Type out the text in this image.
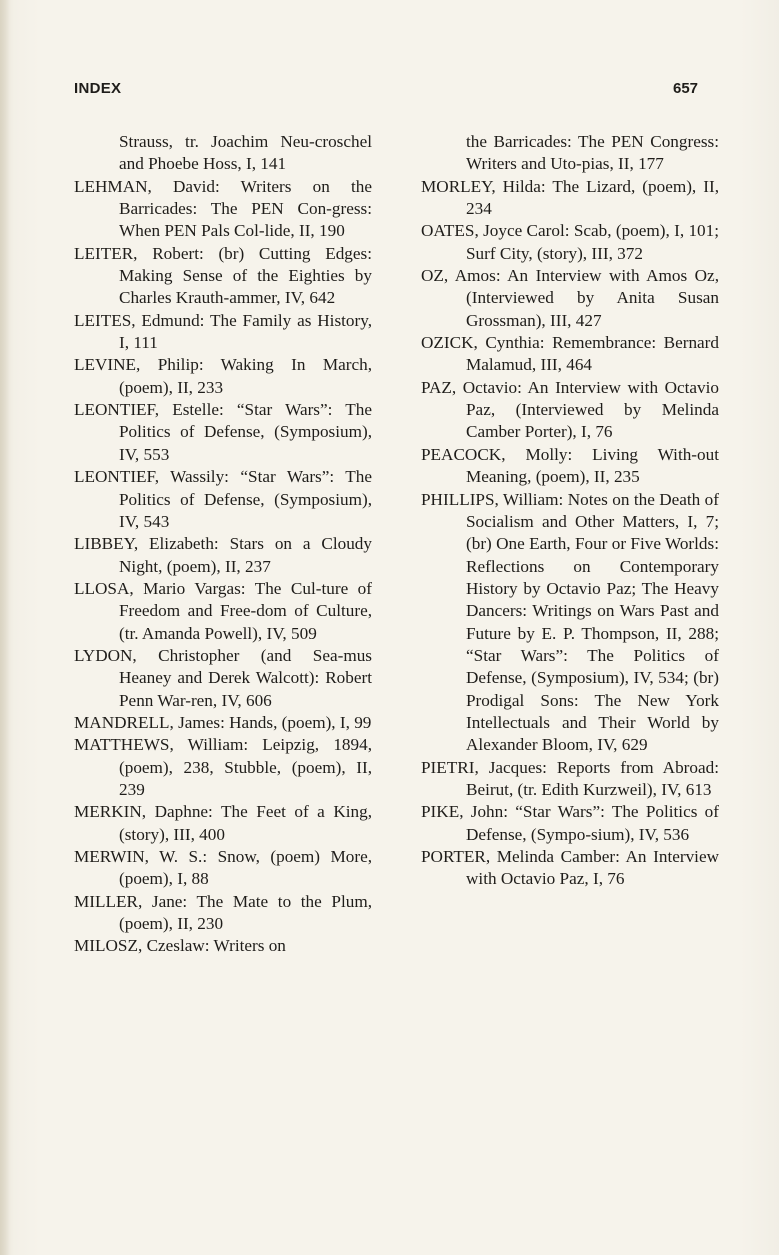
INDEX	657

Strauss, tr. Joachim Neu-croschel and Phoebe Hoss, I, 141

LEHMAN, David: Writers on the Barricades: The PEN Con-gress: When PEN Pals Col-lide, II, 190

LEITER, Robert: (br) Cutting Edges: Making Sense of the Eighties by Charles Krauth-ammer, IV, 642

LEITES, Edmund: The Family as History, I, 111

LEVINE, Philip: Waking In March, (poem), II, 233

LEONTIEF, Estelle: “Star Wars”: The Politics of Defense, (Symposium), IV, 553

LEONTIEF, Wassily: “Star Wars”: The Politics of Defense, (Symposium), IV, 543

LIBBEY, Elizabeth: Stars on a Cloudy Night, (poem), II, 237

LLOSA, Mario Vargas: The Cul-ture of Freedom and Free-dom of Culture, (tr. Amanda Powell), IV, 509

LYDON, Christopher (and Sea-mus Heaney and Derek Walcott): Robert Penn War-ren, IV, 606

MANDRELL, James: Hands, (poem), I, 99

MATTHEWS, William: Leipzig, 1894, (poem), 238, Stubble, (poem), II, 239

MERKIN, Daphne: The Feet of a King, (story), III, 400

MERWIN, W. S.: Snow, (poem) More, (poem), I, 88

MILLER, Jane: The Mate to the Plum, (poem), II, 230

MILOSZ, Czeslaw: Writers on

the Barricades: The PEN Congress: Writers and Uto-pias, II, 177

MORLEY, Hilda: The Lizard, (poem), II, 234

OATES, Joyce Carol: Scab, (poem), I, 101; Surf City, (story), III, 372

OZ, Amos: An Interview with Amos Oz, (Interviewed by Anita Susan Grossman), III, 427

OZICK, Cynthia: Remembrance: Bernard Malamud, III, 464

PAZ, Octavio: An Interview with Octavio Paz, (Interviewed by Melinda Camber Porter), I, 76

PEACOCK, Molly: Living With-out Meaning, (poem), II, 235

PHILLIPS, William: Notes on the Death of Socialism and Other Matters, I, 7; (br) One Earth, Four or Five Worlds: Reflections on Contemporary History by Octavio Paz; The Heavy Dancers: Writings on Wars Past and Future by E. P. Thompson, II, 288; “Star Wars”: The Politics of Defense, (Symposium), IV, 534; (br) Prodigal Sons: The New York Intellectuals and Their World by Alexander Bloom, IV, 629

PIETRI, Jacques: Reports from Abroad: Beirut, (tr. Edith Kurzweil), IV, 613

PIKE, John: “Star Wars”: The Politics of Defense, (Sympo-sium), IV, 536

PORTER, Melinda Camber: An Interview with Octavio Paz, I, 76
